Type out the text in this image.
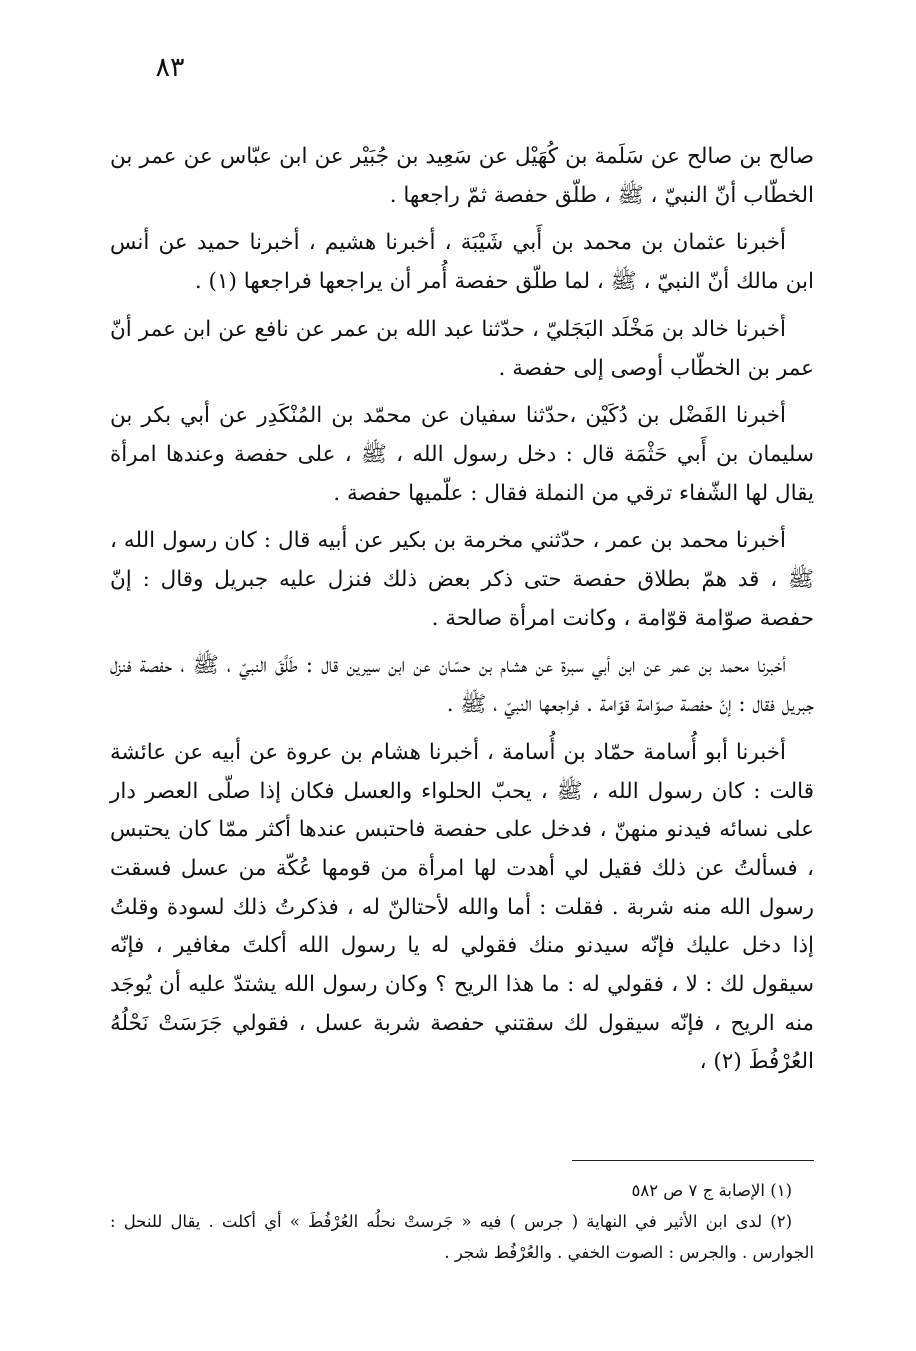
٨٣

صالح بن صالح عن سَلَمة بن كُهَيْل عن سَعِيد بن جُبَيْر عن ابن عبّاس عن عمر بن الخطّاب أنّ النبيّ ، ﷺ ، طلّق حفصة ثمّ راجعها .

أخبرنا عثمان بن محمد بن أَبي شَيْبَة ، أخبرنا هشيم ، أخبرنا حميد عن أنس ابن مالك أنّ النبيّ ، ﷺ ، لما طلّق حفصة أُمر أن يراجعها فراجعها (١) .

أخبرنا خالد بن مَخْلَد البَجَليّ ، حدّثنا عبد الله بن عمر عن نافع عن ابن عمر أنّ عمر بن الخطّاب أوصى إلى حفصة .

أخبرنا الفَضْل بن دُكَيْن ،حدّثنا سفيان عن محمّد بن المُنْكَدِر عن أبي بكر بن سليمان بن أَبي حَثْمَة قال : دخل رسول الله ، ﷺ ، على حفصة وعندها امرأة يقال لها الشّفاء ترقي من النملة فقال : علّميها حفصة .

أخبرنا محمد بن عمر ، حدّثني مخرمة بن بكير عن أبيه قال : كان رسول الله ، ﷺ ، قد همّ بطلاق حفصة حتى ذكر بعض ذلك فنزل عليه جبريل وقال : إنّ حفصة صوّامة قوّامة ، وكانت امرأة صالحة .

أخبرنا محمد بن عمر عن ابن أبي سبرة عن هشام بن حسّان عن ابن سيرين قال : طَلَّقَ النبيّ ، ﷺ ، حفصة فنزل جبريل فقال : إنّ حفصة صوّامة قوّامة . فراجعها النبيّ ، ﷺ .

أخبرنا أبو أُسامة حمّاد بن أُسامة ، أخبرنا هشام بن عروة عن أبيه عن عائشة قالت : كان رسول الله ، ﷺ ، يحبّ الحلواء والعسل فكان إذا صلّى العصر دار على نسائه فيدنو منهنّ ، فدخل على حفصة فاحتبس عندها أكثر ممّا كان يحتبس ، فسألتُ عن ذلك فقيل لي أهدت لها امرأة من قومها عُكّة من عسل فسقت رسول الله منه شربة . فقلت : أما والله لأحتالنّ له ، فذكرتُ ذلك لسودة وقلتُ إذا دخل عليك فإنّه سيدنو منك فقولي له يا رسول الله أكلتَ مغافير ، فإنّه سيقول لك : لا ، فقولي له : ما هذا الريح ؟ وكان رسول الله يشتدّ عليه أن يُوجَد منه الريح ، فإنّه سيقول لك سقتني حفصة شربة عسل ، فقولي جَرَسَتْ نَحْلُهُ العُرْفُطَ (٢) ،

(١) الإصابة ج ٧ ص ٥٨٢

(٢) لدى ابن الأثير في النهاية ( جرس ) فيه « جَرستْ نحلُه العُرْفُطَ » أي أكلت . يقال للنحل : الجوارس . والجرس : الصوت الخفي . والعُرْفُط شجر .
